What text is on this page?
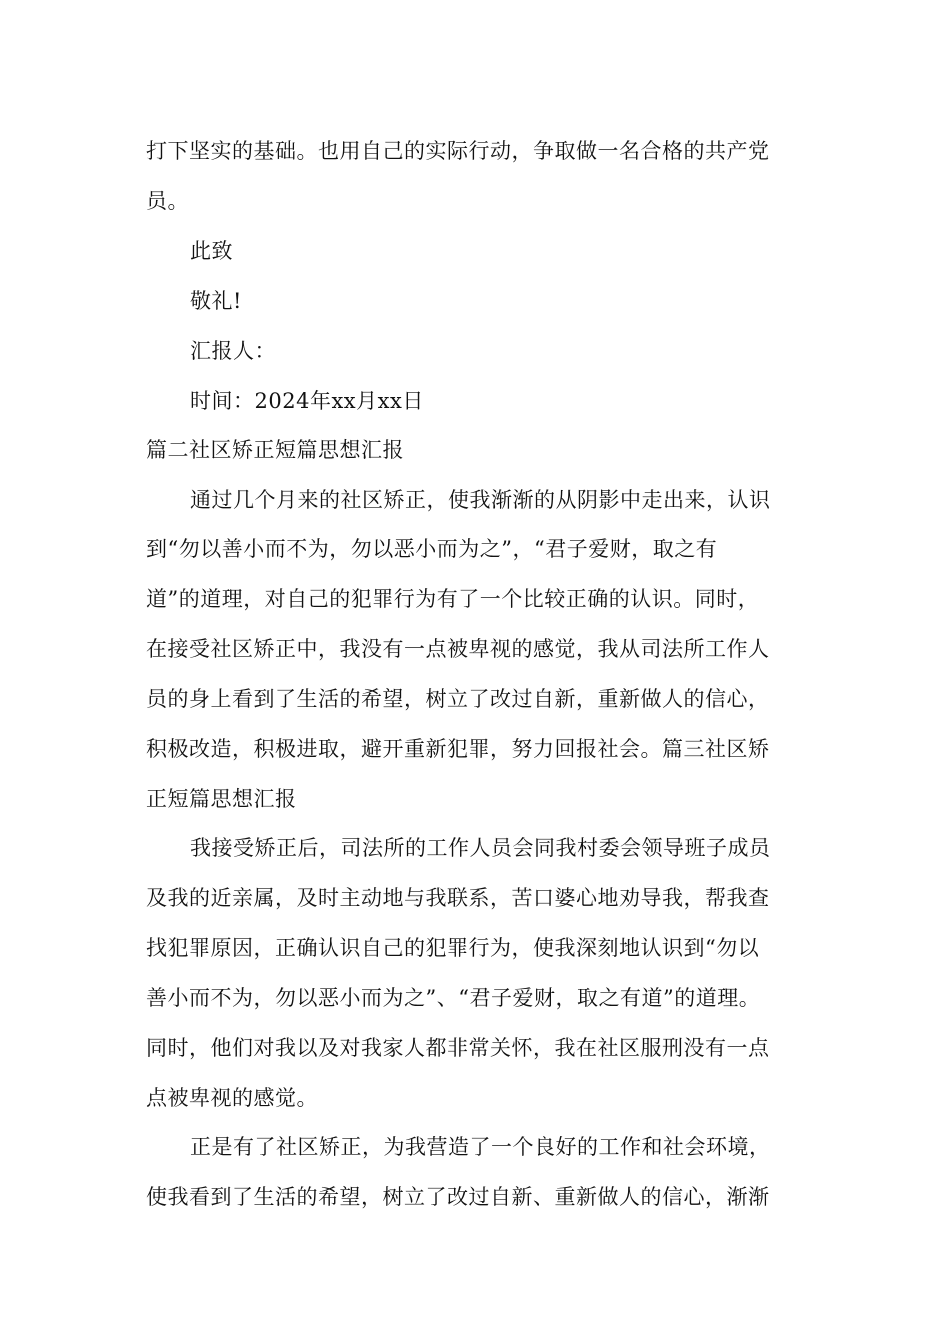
打下坚实的基础。也用自己的实际行动，争取做一名合格的共产党
员。
此致
敬礼!
汇报人：
时间：2024年xx月xx日
篇二社区矫正短篇思想汇报
通过几个月来的社区矫正，使我渐渐的从阴影中走出来，认识
到“勿以善小而不为，勿以恶小而为之”，“君子爱财，取之有
道”的道理，对自己的犯罪行为有了一个比较正确的认识。同时，
在接受社区矫正中，我没有一点被卑视的感觉，我从司法所工作人
员的身上看到了生活的希望，树立了改过自新，重新做人的信心，
积极改造，积极进取，避开重新犯罪，努力回报社会。篇三社区矫
正短篇思想汇报
我接受矫正后，司法所的工作人员会同我村委会领导班子成员
及我的近亲属，及时主动地与我联系，苦口婆心地劝导我，帮我查
找犯罪原因，正确认识自己的犯罪行为，使我深刻地认识到“勿以
善小而不为，勿以恶小而为之”、“君子爱财，取之有道”的道理。
同时，他们对我以及对我家人都非常关怀，我在社区服刑没有一点
点被卑视的感觉。
正是有了社区矫正，为我营造了一个良好的工作和社会环境，
使我看到了生活的希望，树立了改过自新、重新做人的信心，渐渐
